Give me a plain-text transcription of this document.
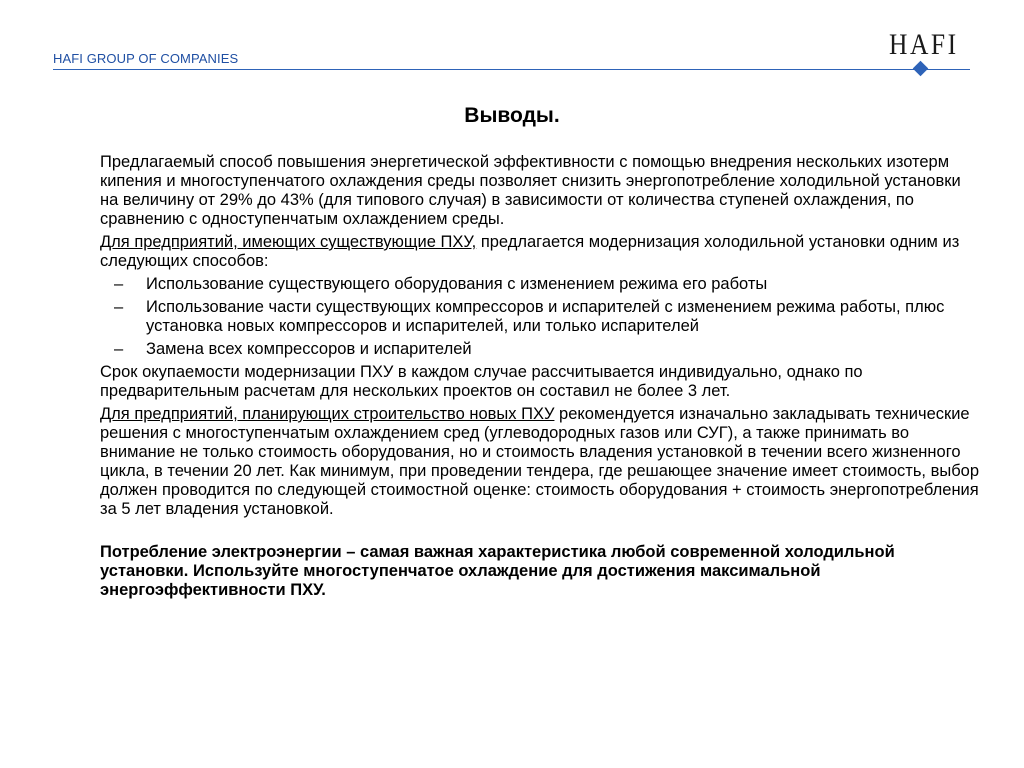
HAFI GROUP OF COMPANIES	HAFI
Выводы.

Предлагаемый способ повышения энергетической эффективности с помощью внедрения нескольких изотерм кипения и многоступенчатого охлаждения среды позволяет снизить энергопотребление холодильной установки на величину от 29% до 43% (для типового случая) в зависимости от количества ступеней охлаждения, по сравнению с одноступенчатым охлаждением среды.

Для предприятий, имеющих существующие ПХУ, предлагается модернизация холодильной установки одним из следующих способов:

– Использование существующего оборудования с изменением режима его работы
– Использование части существующих компрессоров и испарителей с изменением режима работы, плюс установка новых компрессоров и испарителей, или только испарителей
– Замена всех компрессоров и испарителей

Срок окупаемости модернизации ПХУ в каждом случае рассчитывается индивидуально, однако по предварительным расчетам для нескольких проектов он составил не более 3 лет.

Для предприятий, планирующих строительство новых ПХУ рекомендуется изначально закладывать технические решения с многоступенчатым охлаждением сред (углеводородных газов или СУГ), а также принимать во внимание не только стоимость оборудования, но и стоимость владения установкой в течении всего жизненного цикла, в течении 20 лет. Как минимум, при проведении тендера, где решающее значение имеет стоимость, выбор должен проводится по следующей стоимостной оценке: стоимость оборудования + стоимость энергопотребления за 5 лет владения установкой.

Потребление электроэнергии – самая важная характеристика любой современной холодильной установки. Используйте многоступенчатое охлаждение для достижения максимальной энергоэффективности ПХУ.
